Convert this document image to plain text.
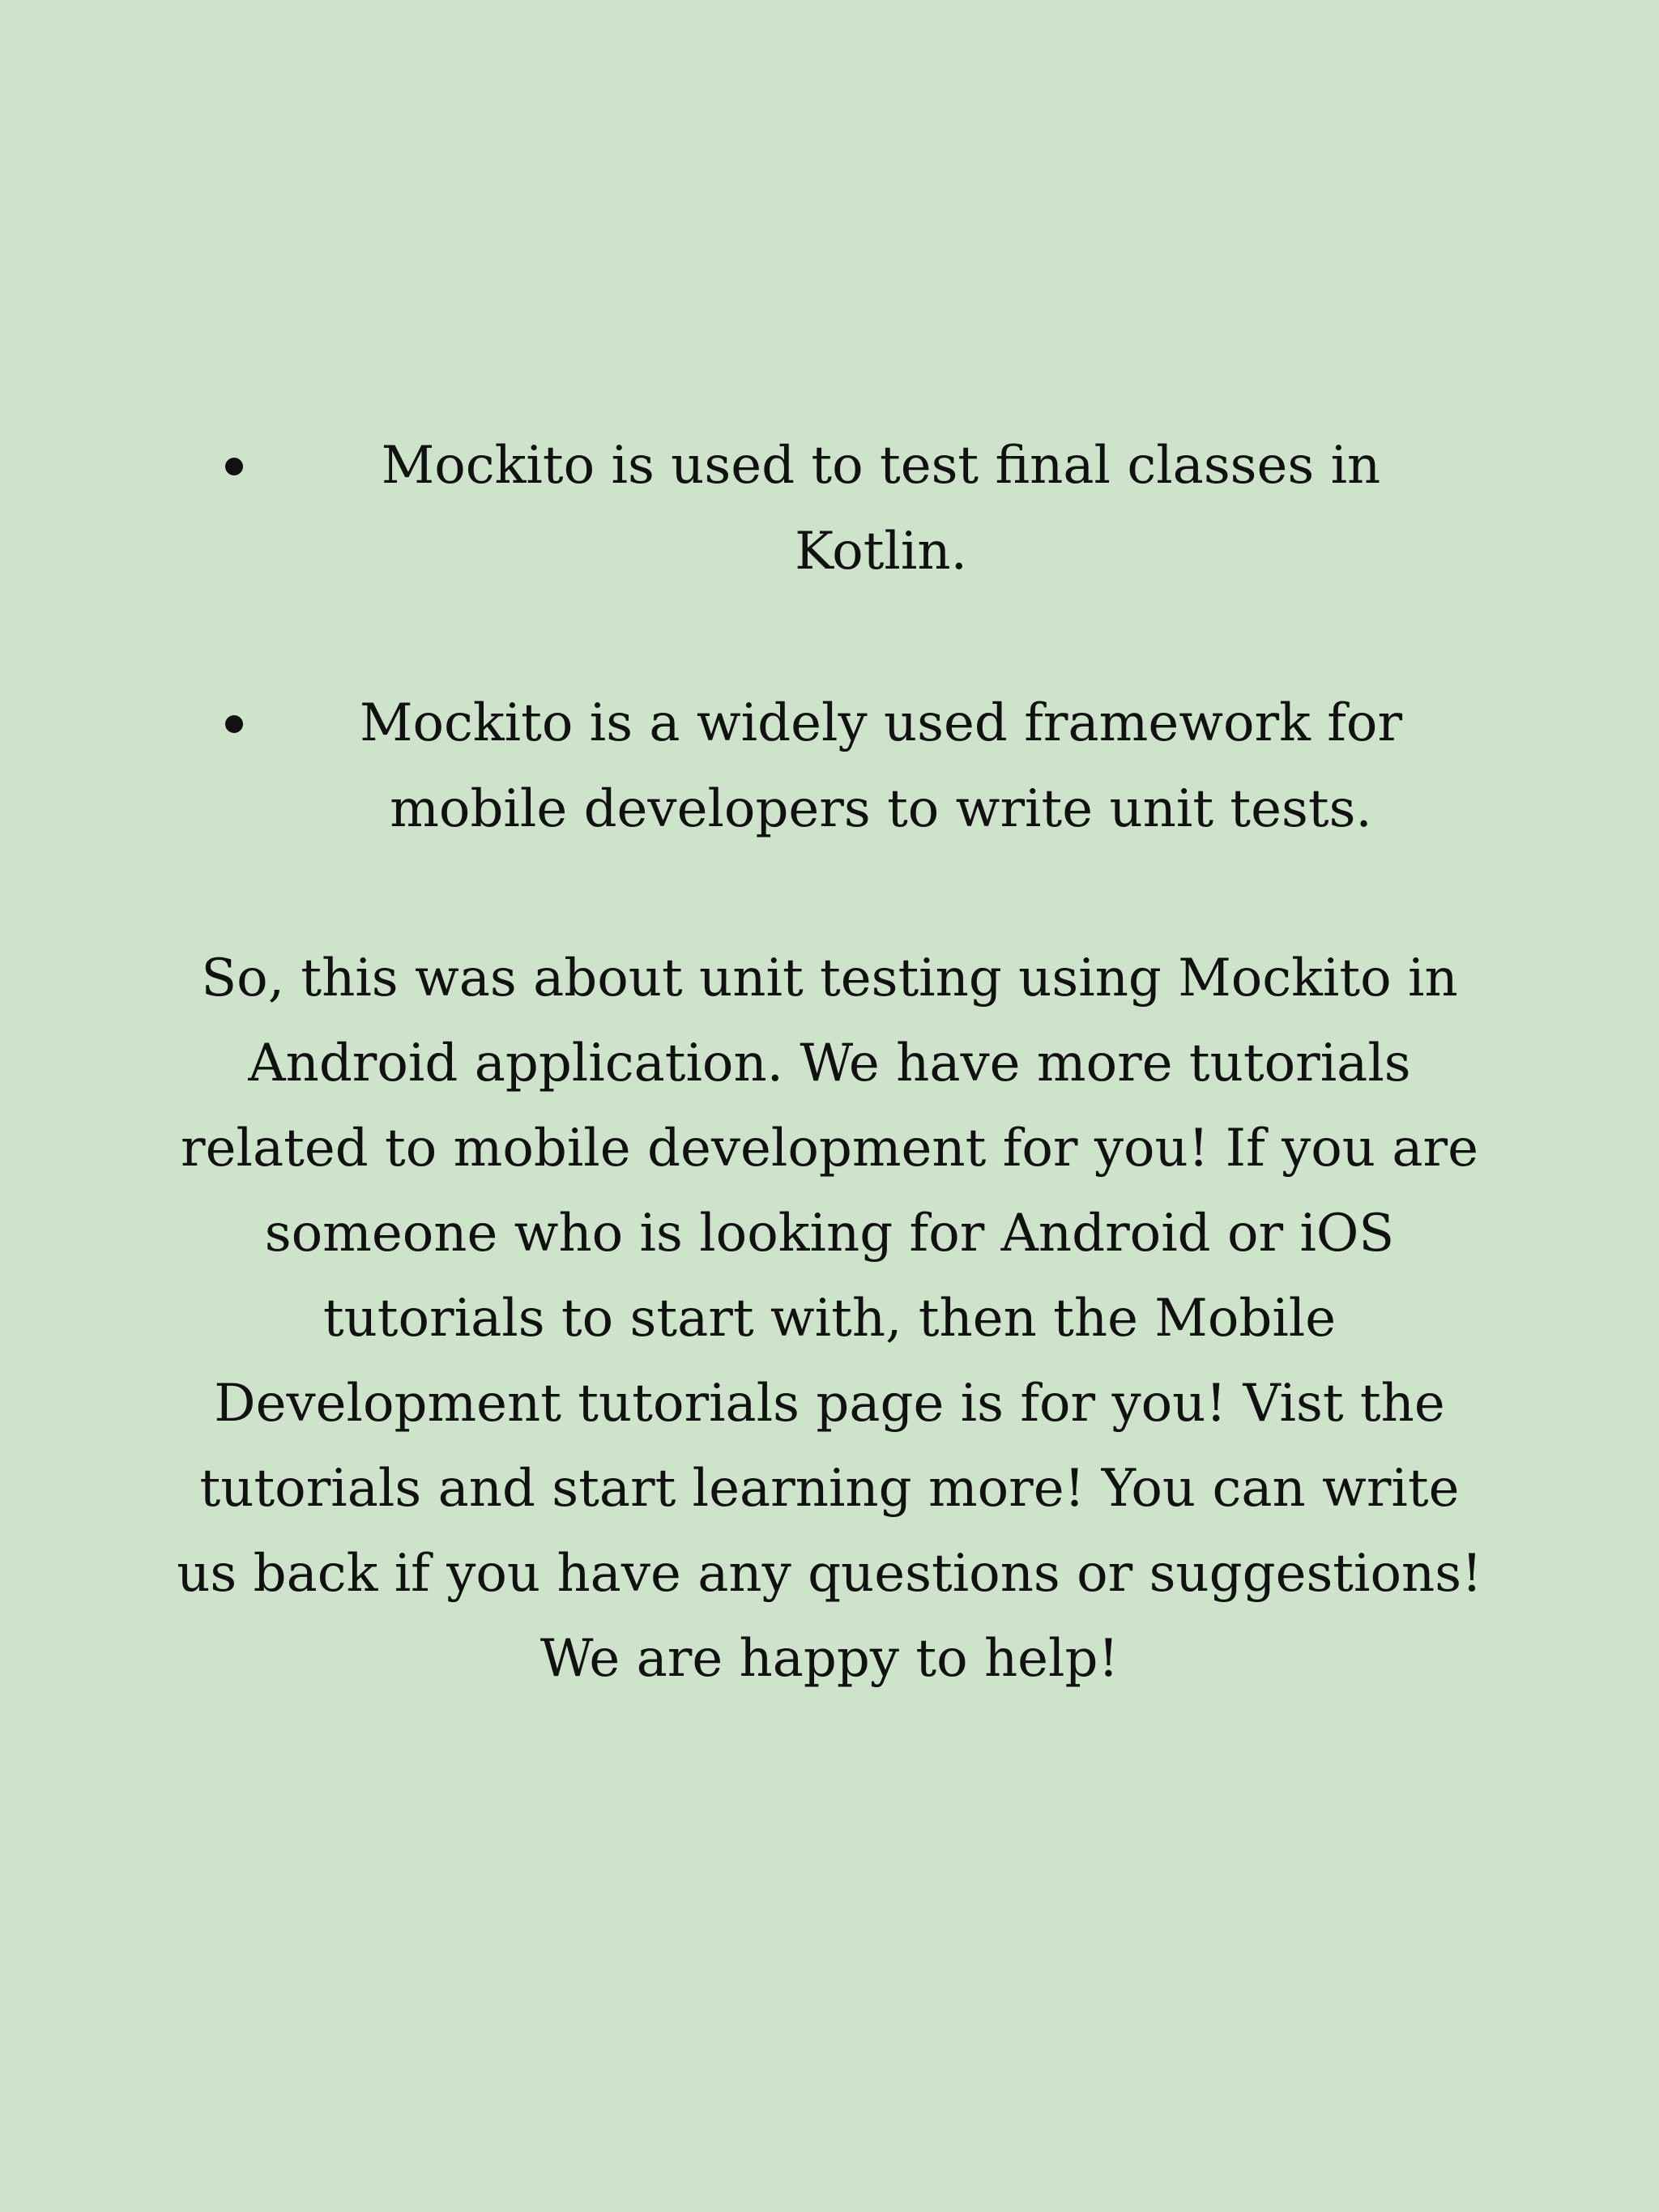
Mockito is used to test final classes in Kotlin.
Mockito is a widely used framework for mobile developers to write unit tests.

So, this was about unit testing using Mockito in Android application. We have more tutorials related to mobile development for you! If you are someone who is looking for Android or iOS tutorials to start with, then the Mobile Development tutorials page is for you! Vist the tutorials and start learning more! You can write us back if you have any questions or suggestions! We are happy to help!
